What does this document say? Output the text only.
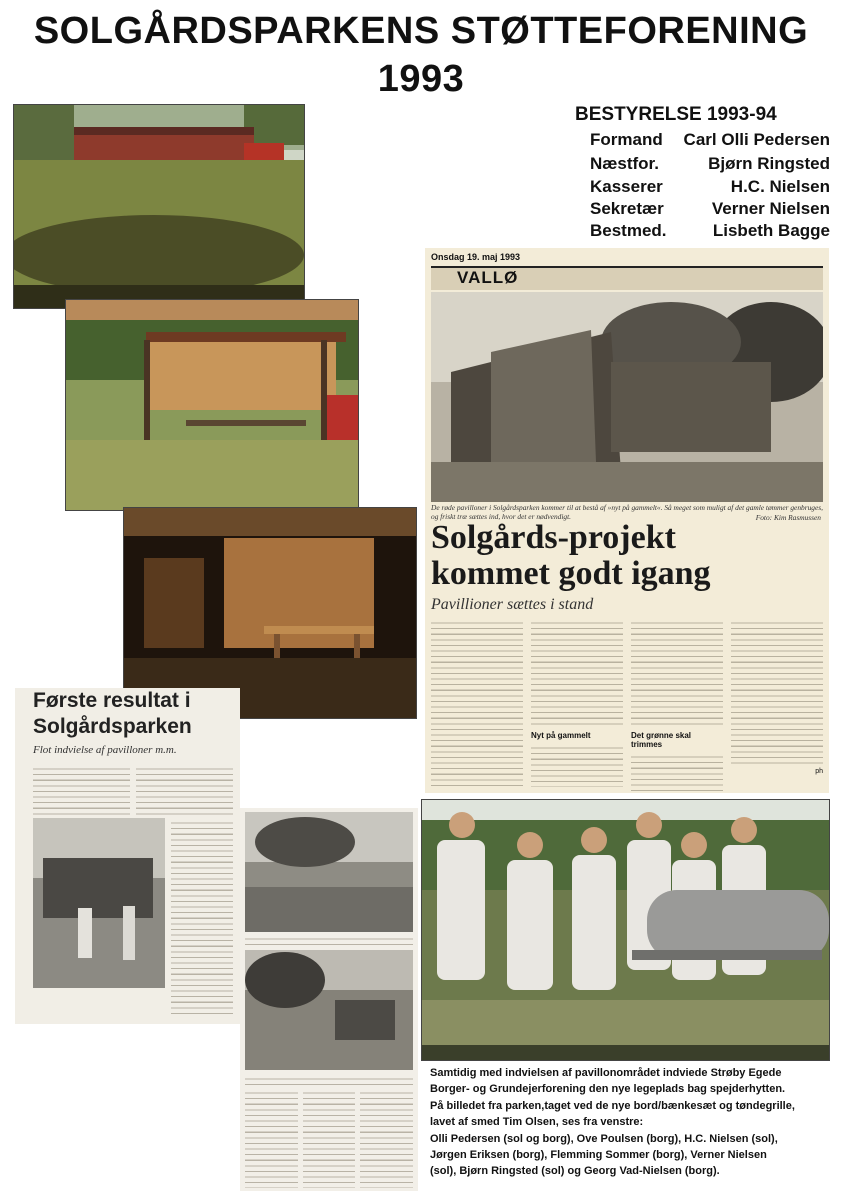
SOLGÅRDSPARKENS STØTTEFORENING
1993
BESTYRELSE 1993-94
Formand Carl Olli Pedersen
Næstfor.	Bjørn Ringsted
Kasserer	H.C. Nielsen
Sekretær	Verner Nielsen
Bestmed.	Lisbeth Bagge
Onsdag 19. maj 1993
VALLØ
De røde pavilloner i Solgårdsparken kommer til at bestå af »nyt på gammelt«. Så meget som muligt af det gamle tømmer genbruges, og friskt træ sættes ind, hvor det er nødvendigt.	Foto: Kim Rasmussen
Solgårds-projekt
kommet godt igang
Pavillioner sættes i stand
Nyt på gammelt	Det grønne skal trimmes
ph
Første resultat i
Solgårdsparken
Flot indvielse af pavilloner m.m.
Samtidig med indvielsen af pavillonområdet indviede Strøby Egede
Borger- og Grundejerforening den nye legeplads bag spejderhytten.
På billedet fra parken,taget ved de nye bord/bænkesæt og tøndegrille,
lavet af smed Tim Olsen, ses fra venstre:
Olli Pedersen (sol og borg), Ove Poulsen (borg), H.C. Nielsen (sol),
Jørgen Eriksen (borg), Flemming Sommer (borg), Verner Nielsen
(sol), Bjørn Ringsted (sol) og Georg Vad-Nielsen (borg).
